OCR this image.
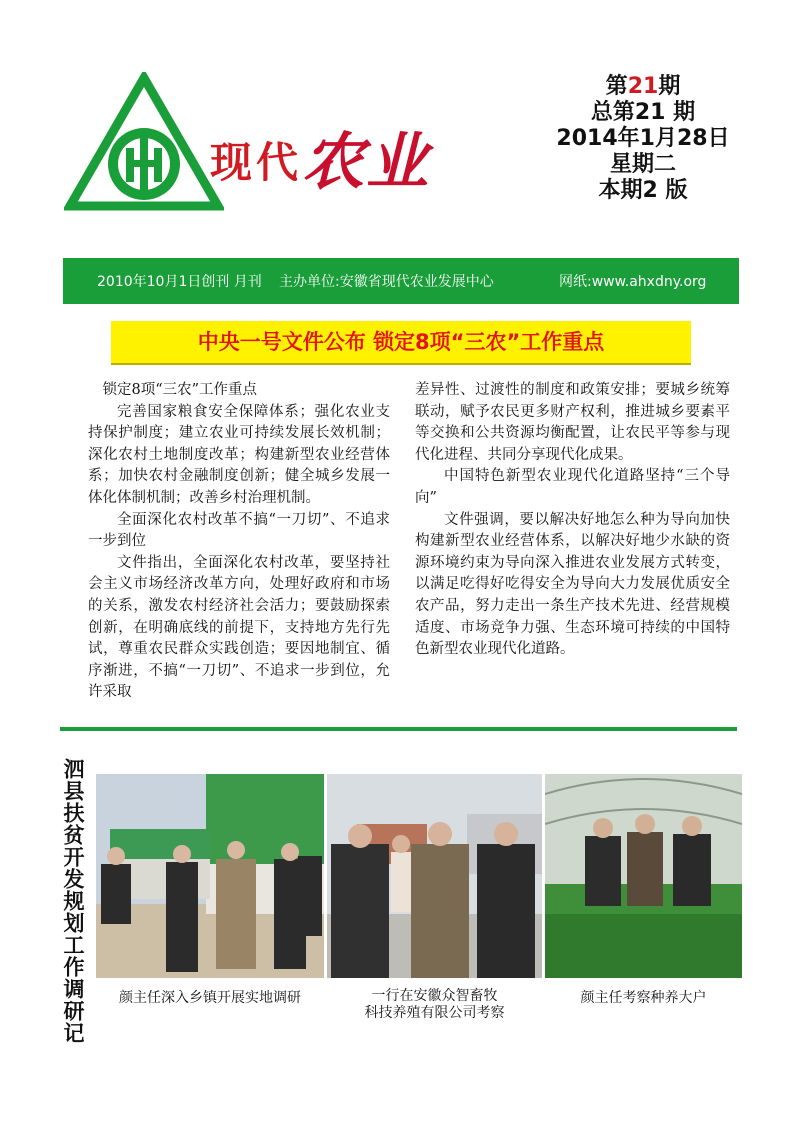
现代农业
第21期
总第21 期
2014年1月28日
星期二
本期2 版
2010年10月1日创刊 月刊 主办单位:安徽省现代农业发展中心	网纸:www.ahxdny.org
中央一号文件公布 锁定8项“三农”工作重点

锁定8项“三农”工作重点

完善国家粮食安全保障体系；强化农业支持保护制度；建立农业可持续发展长效机制；深化农村土地制度改革；构建新型农业经营体系；加快农村金融制度创新；健全城乡发展一体化体制机制；改善乡村治理机制。

全面深化农村改革不搞“一刀切”、不追求一步到位

文件指出，全面深化农村改革，要坚持社会主义市场经济改革方向，处理好政府和市场的关系，激发农村经济社会活力；要鼓励探索创新，在明确底线的前提下，支持地方先行先试，尊重农民群众实践创造；要因地制宜、循序渐进，不搞“一刀切”、不追求一步到位，允许采取

差异性、过渡性的制度和政策安排；要城乡统筹联动，赋予农民更多财产权利，推进城乡要素平等交换和公共资源均衡配置，让农民平等参与现代化进程、共同分享现代化成果。

中国特色新型农业现代化道路坚持“三个导向”

文件强调，要以解决好地怎么种为导向加快构建新型农业经营体系，以解决好地少水缺的资源环境约束为导向深入推进农业发展方式转变，以满足吃得好吃得安全为导向大力发展优质安全农产品，努力走出一条生产技术先进、经营规模适度、市场竞争力强、生态环境可持续的中国特色新型农业现代化道路。

泗县扶贫开发规划工作调研记	颜主任深入乡镇开展实地调研	一行在安徽众智畜牧
科技养殖有限公司考察
颜主任考察种养大户
